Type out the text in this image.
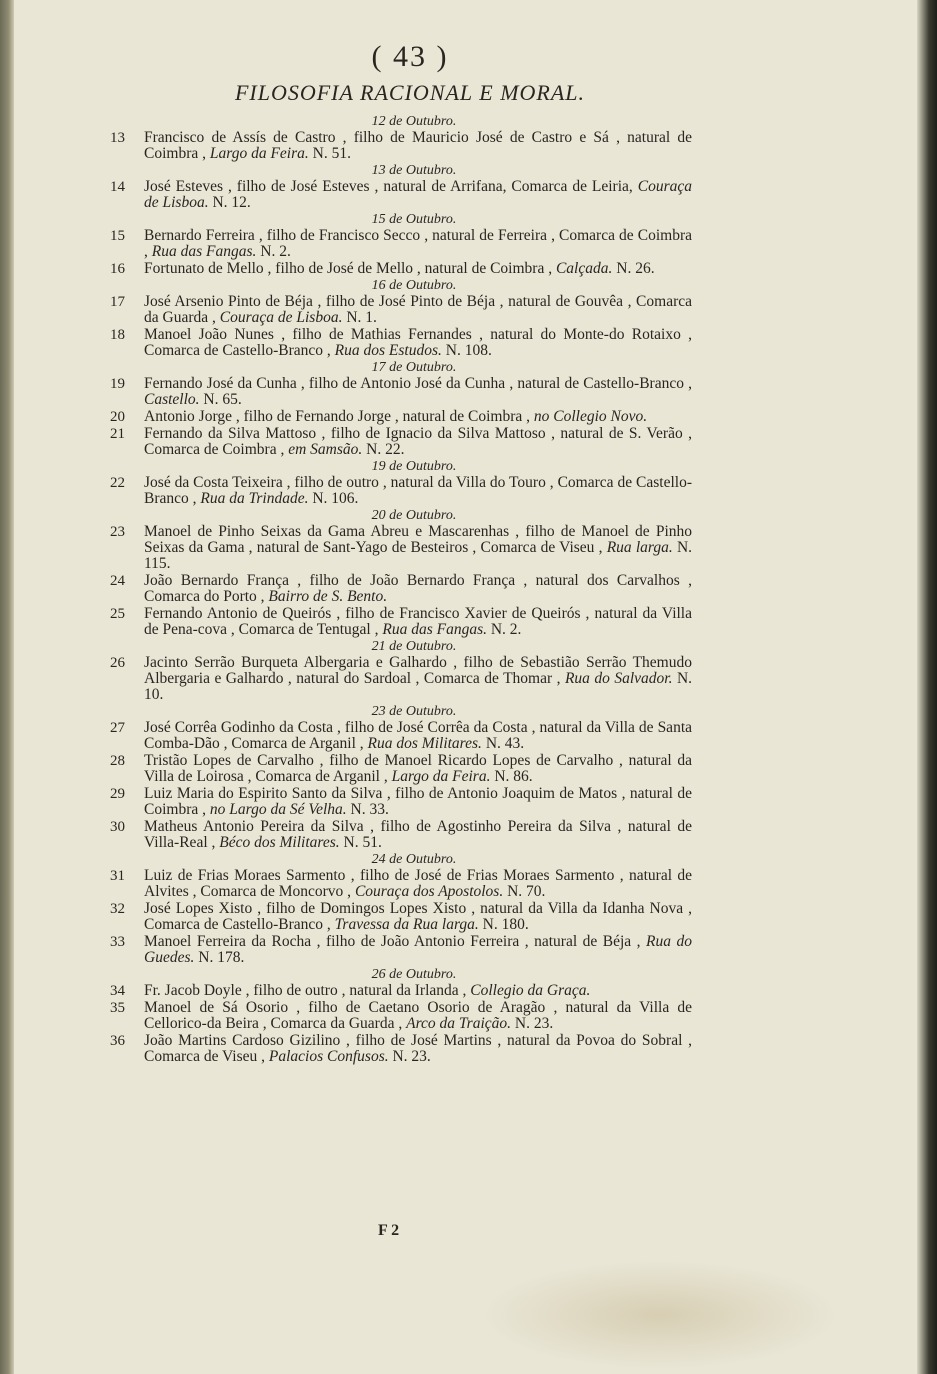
( 43 )
FILOSOFIA RACIONAL E MORAL.
12 de Outubro.
13	Francisco de Assís de Castro , filho de Mauricio José de Castro e Sá , natural de Coimbra , Largo da Feira. N. 51.
13 de Outubro.
14	José Esteves , filho de José Esteves , natural de Arrifana, Comarca de Leiria, Couraça de Lisboa. N. 12.
15 de Outubro.
15	Bernardo Ferreira , filho de Francisco Secco , natural de Ferreira , Comarca de Coimbra , Rua das Fangas. N. 2.
16	Fortunato de Mello , filho de José de Mello , natural de Coimbra , Calçada. N. 26.
16 de Outubro.
17	José Arsenio Pinto de Béja , filho de José Pinto de Béja , natural de Gouvêa , Comarca da Guarda , Couraça de Lisboa. N. 1.
18	Manoel João Nunes , filho de Mathias Fernandes , natural do Monte-do Rotaixo , Comarca de Castello-Branco , Rua dos Estudos. N. 108.
17 de Outubro.
19	Fernando José da Cunha , filho de Antonio José da Cunha , natural de Castello-Branco , Castello. N. 65.
20	Antonio Jorge , filho de Fernando Jorge , natural de Coimbra , no Collegio Novo.
21	Fernando da Silva Mattoso , filho de Ignacio da Silva Mattoso , natural de S. Verão , Comarca de Coimbra , em Samsão. N. 22.
19 de Outubro.
22	José da Costa Teixeira , filho de outro , natural da Villa do Touro , Comarca de Castello-Branco , Rua da Trindade. N. 106.
20 de Outubro.
23	Manoel de Pinho Seixas da Gama Abreu e Mascarenhas , filho de Manoel de Pinho Seixas da Gama , natural de Sant-Yago de Besteiros , Comarca de Viseu , Rua larga. N. 115.
24	João Bernardo França , filho de João Bernardo França , natural dos Carvalhos , Comarca do Porto , Bairro de S. Bento.
25	Fernando Antonio de Queirós , filho de Francisco Xavier de Queirós , natural da Villa de Pena-cova , Comarca de Tentugal , Rua das Fangas. N. 2.
21 de Outubro.
26	Jacinto Serrão Burqueta Albergaria e Galhardo , filho de Sebastião Serrão Themudo Albergaria e Galhardo , natural do Sardoal , Comarca de Thomar , Rua do Salvador. N. 10.
23 de Outubro.
27	José Corrêa Godinho da Costa , filho de José Corrêa da Costa , natural da Villa de Santa Comba-Dão , Comarca de Arganil , Rua dos Militares. N. 43.
28	Tristão Lopes de Carvalho , filho de Manoel Ricardo Lopes de Carvalho , natural da Villa de Loirosa , Comarca de Arganil , Largo da Feira. N. 86.
29	Luiz Maria do Espirito Santo da Silva , filho de Antonio Joaquim de Matos , natural de Coimbra , no Largo da Sé Velha. N. 33.
30	Matheus Antonio Pereira da Silva , filho de Agostinho Pereira da Silva , natural de Villa-Real , Béco dos Militares. N. 51.
24 de Outubro.
31	Luiz de Frias Moraes Sarmento , filho de José de Frias Moraes Sarmento , natural de Alvites , Comarca de Moncorvo , Couraça dos Apostolos. N. 70.
32	José Lopes Xisto , filho de Domingos Lopes Xisto , natural da Villa da Idanha Nova , Comarca de Castello-Branco , Travessa da Rua larga. N. 180.
33	Manoel Ferreira da Rocha , filho de João Antonio Ferreira , natural de Béja , Rua do Guedes. N. 178.
26 de Outubro.
34	Fr. Jacob Doyle , filho de outro , natural da Irlanda , Collegio da Graça.
35	Manoel de Sá Osorio , filho de Caetano Osorio de Aragão , natural da Villa de Cellorico-da Beira , Comarca da Guarda , Arco da Traição. N. 23.
36	João Martins Cardoso Gizilino , filho de José Martins , natural da Povoa do Sobral , Comarca de Viseu , Palacios Confusos. N. 23.
F 2
